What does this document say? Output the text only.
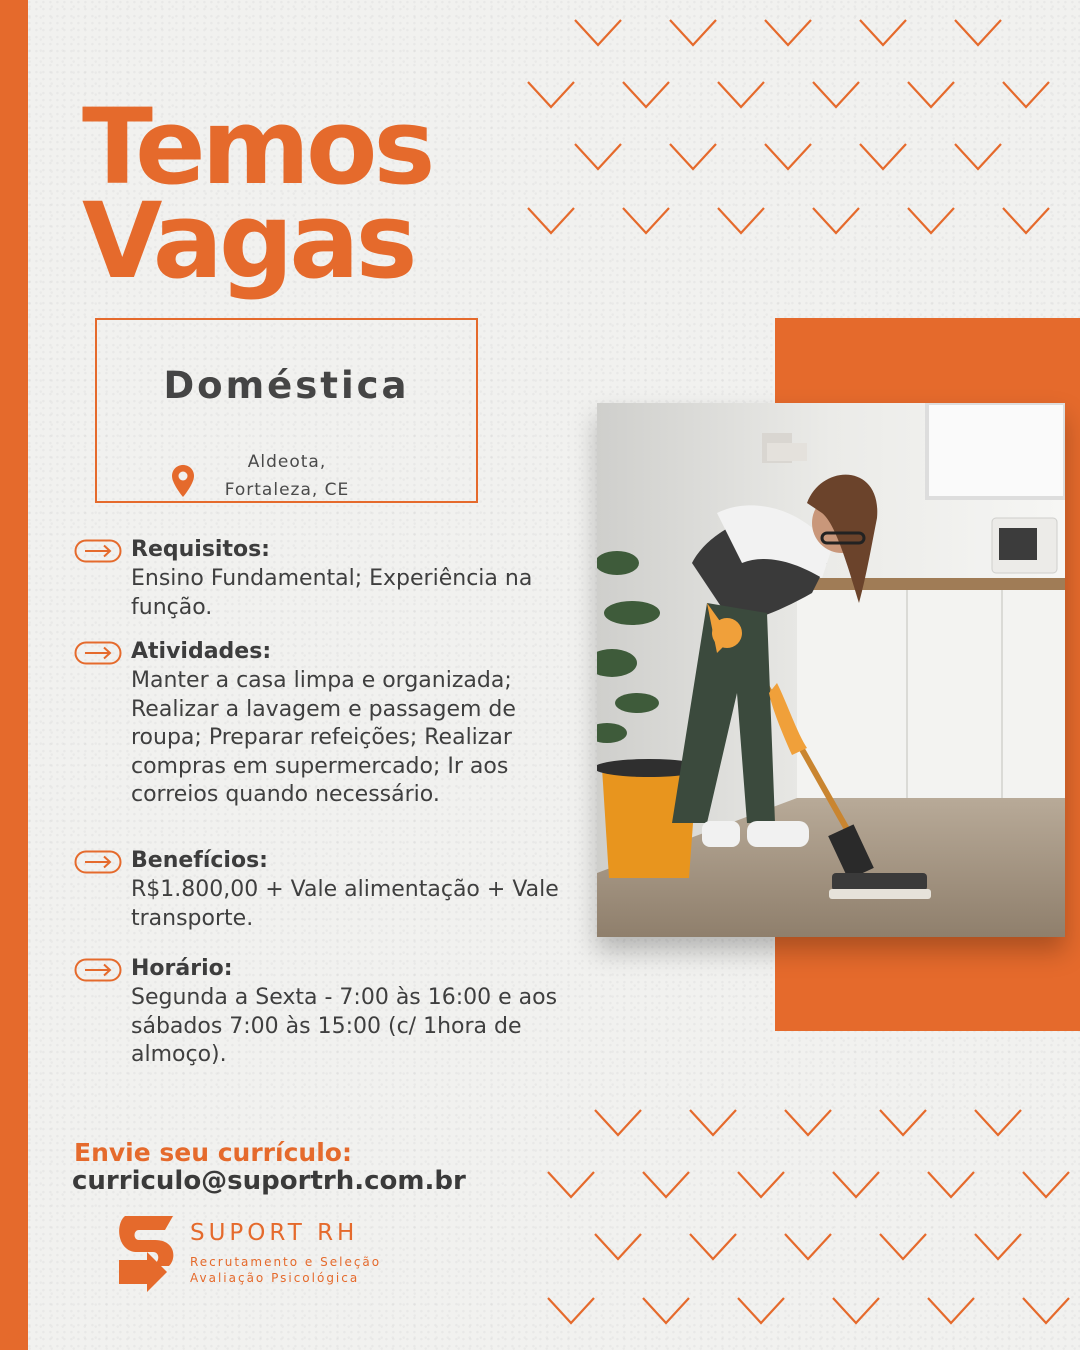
Temos
Vagas
Doméstica
Aldeota,
Fortaleza, CE
Requisitos:
Ensino Fundamental; Experiência na função.
Atividades:
Manter a casa limpa e organizada; Realizar a lavagem e passagem de roupa; Preparar refeições; Realizar compras em supermercado; Ir aos correios quando necessário.
Benefícios:
R$1.800,00 + Vale alimentação + Vale transporte.
Horário:
Segunda a Sexta - 7:00 às 16:00 e aos sábados 7:00 às 15:00 (c/ 1hora de almoço).
Envie seu currículo:
curriculo@suportrh.com.br
SUPORT RH
Recrutamento e Seleção
Avaliação Psicológica
